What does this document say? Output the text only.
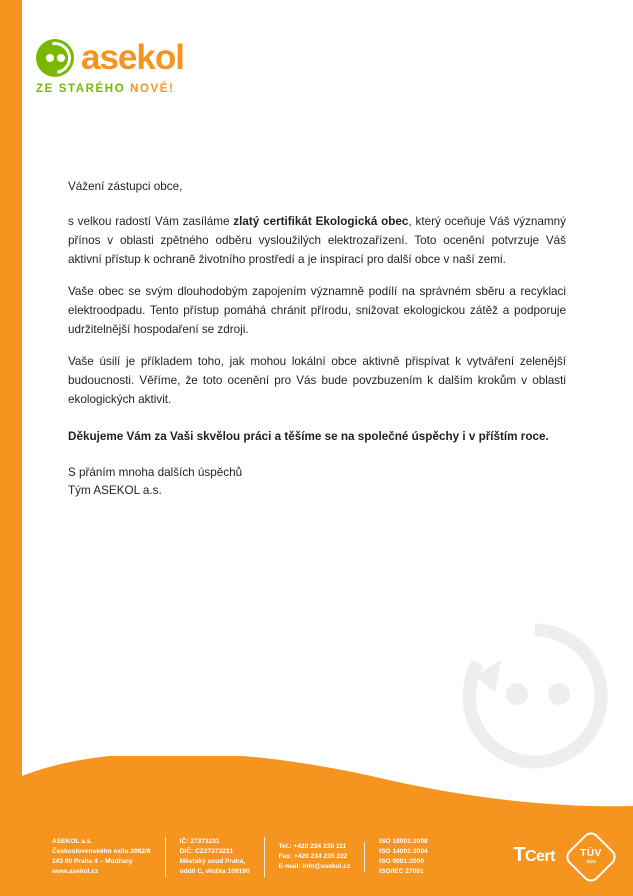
asekol
ZE STARÉHO NOVÉ!

Vážení zástupci obce,

s velkou radostí Vám zasíláme zlatý certifikát Ekologická obec, který oceňuje Váš významný přínos v oblasti zpětného odběru vysloužilých elektrozařízení. Toto ocenění potvrzuje Váš aktivní přístup k ochraně životního prostředí a je inspirací pro další obce v naší zemi.

Vaše obec se svým dlouhodobým zapojením významně podílí na správném sběru a recyklaci elektroodpadu. Tento přístup pomáhá chránit přírodu, snižovat ekologickou zátěž a podporuje udržitelnější hospodaření se zdroji.

Vaše úsilí je příkladem toho, jak mohou lokální obce aktivně přispívat k vytváření zelenější budoucnosti. Věříme, že toto ocenění pro Vás bude povzbuzením k dalším krokům v oblasti ekologických aktivit.

Děkujeme Vám za Vaši skvělou práci a těšíme se na společné úspěchy i v příštím roce.

S přáním mnoha dalších úspěchů
Tým ASEKOL a.s.

ASEKOL a.s.
Československého exilu 2062/8
143 00 Praha 4 – Modřany
www.asekol.cz
IČ: 27373231
DIČ: CZ27373231
Městský soud Praha,
oddíl C, vložka 109190
Tel.: +420 234 235 111
Fax: +420 234 235 222
E-mail: info@asekol.cz
ISO 18001:2008
ISO 14001:2004
ISO 9001:2000
ISO/IEC 27001
T Cert	TÜV
SÜD
